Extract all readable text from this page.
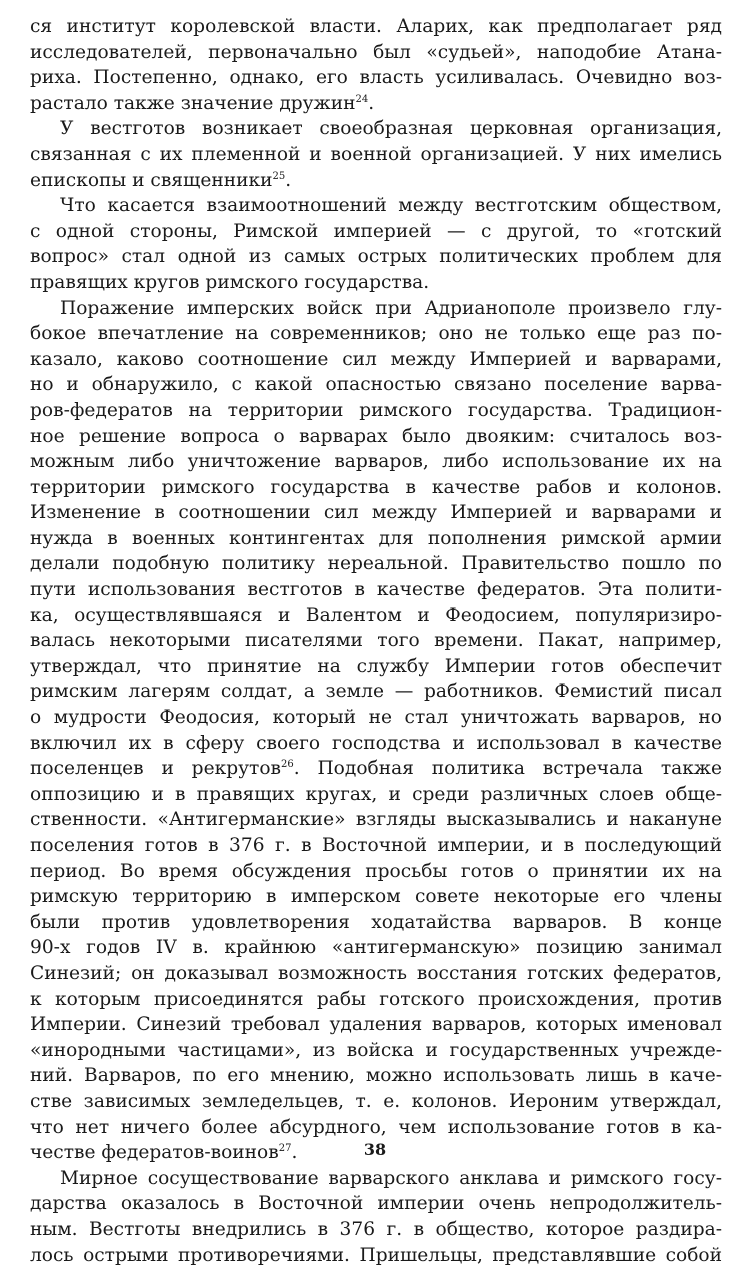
ся институт королевской власти. Аларих, как предполагает ряд
исследователей, первоначально был «судьей», наподобие Атана-
риха. Постепенно, однако, его власть усиливалась. Очевидно воз-
растало также значение дружин$^{24}$.
У вестготов возникает своеобразная церковная организация,
связанная с их племенной и военной организацией. У них имелись
епископы и священники$^{25}$.
Что касается взаимоотношений между вестготским обществом,
с одной стороны, Римской империей — с другой, то «готский
вопрос» стал одной из самых острых политических проблем для
правящих кругов римского государства.
Поражение имперских войск при Адрианополе произвело глу-
бокое впечатление на современников; оно не только еще раз по-
казало, каково соотношение сил между Империей и варварами,
но и обнаружило, с какой опасностью связано поселение варва-
ров-федератов на территории римского государства. Традицион-
ное решение вопроса о варварах было двояким: считалось воз-
можным либо уничтожение варваров, либо использование их на
территории римского государства в качестве рабов и колонов.
Изменение в соотношении сил между Империей и варварами и
нужда в военных контингентах для пополнения римской армии
делали подобную политику нереальной. Правительство пошло по
пути использования вестготов в качестве федератов. Эта полити-
ка, осуществлявшаяся и Валентом и Феодосием, популяризиро-
валась некоторыми писателями того времени. Пакат, например,
утверждал, что принятие на службу Империи готов обеспечит
римским лагерям солдат, а земле — работников. Фемистий писал
о мудрости Феодосия, который не стал уничтожать варваров, но
включил их в сферу своего господства и использовал в качестве
поселенцев и рекрутов$^{26}$. Подобная политика встречала также
оппозицию и в правящих кругах, и среди различных слоев обще-
ственности. «Антигерманские» взгляды высказывались и накануне
поселения готов в 376 г. в Восточной империи, и в последующий
период. Во время обсуждения просьбы готов о принятии их на
римскую территорию в имперском совете некоторые его члены
были против удовлетворения ходатайства варваров. В конце
90-х годов IV в. крайнюю «антигерманскую» позицию занимал
Синезий; он доказывал возможность восстания готских федератов,
к которым присоединятся рабы готского происхождения, против
Империи. Синезий требовал удаления варваров, которых именовал
«инородными частицами», из войска и государственных учрежде-
ний. Варваров, по его мнению, можно использовать лишь в каче-
стве зависимых земледельцев, т. е. колонов. Иероним утверждал,
что нет ничего более абсурдного, чем использование готов в ка-
честве федератов-воинов$^{27}$.
Мирное сосуществование варварского анклава и римского госу-
дарства оказалось в Восточной империи очень непродолжитель-
ным. Вестготы внедрились в 376 г. в общество, которое раздира-
лось острыми противоречиями. Пришельцы, представлявшие собой
38
